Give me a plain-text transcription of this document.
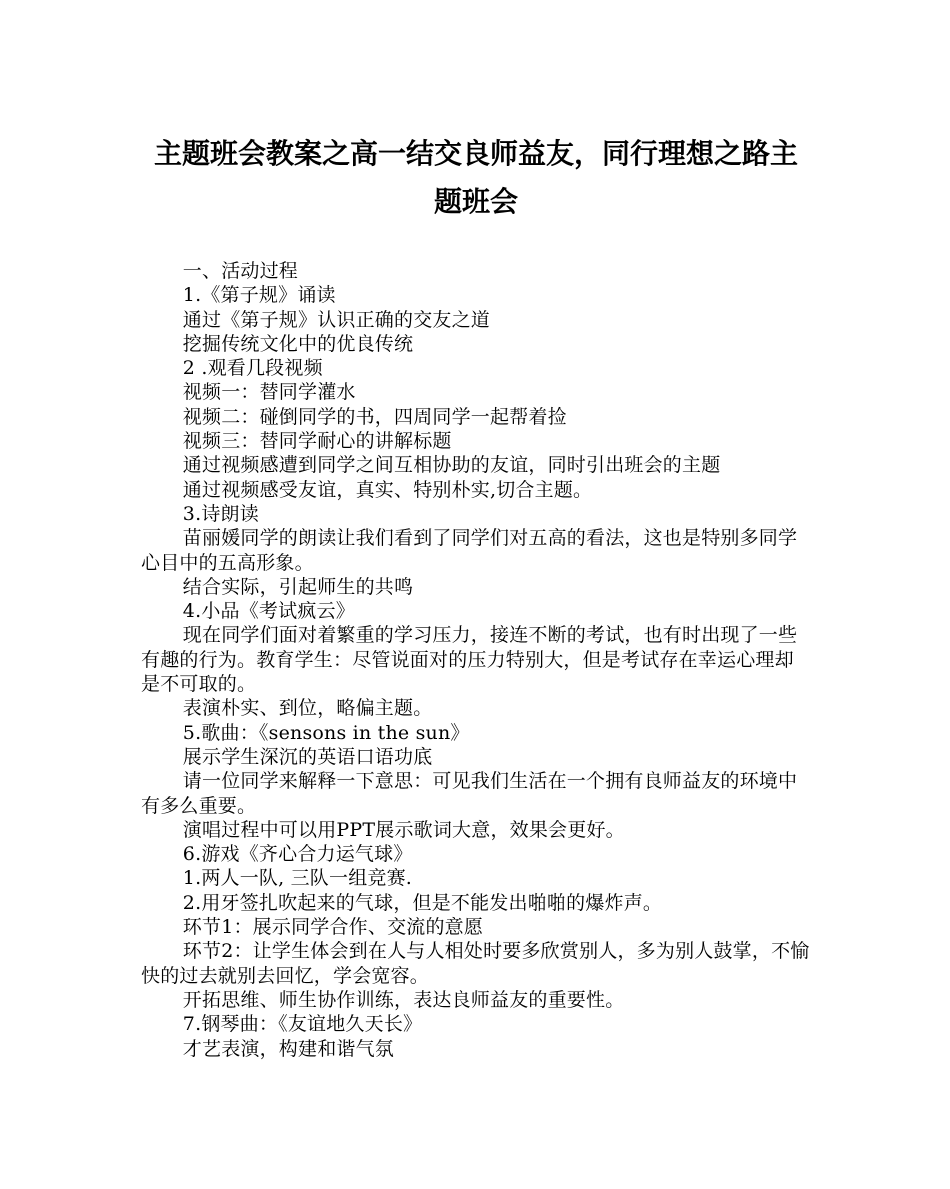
主题班会教案之高一结交良师益友，同行理想之路主题班会

一、活动过程

1.《第子规》诵读

通过《第子规》认识正确的交友之道

挖掘传统文化中的优良传统

2 .观看几段视频

视频一：替同学灌水

视频二：碰倒同学的书，四周同学一起帮着捡

视频三：替同学耐心的讲解标题

通过视频感遭到同学之间互相协助的友谊，同时引出班会的主题

通过视频感受友谊，真实、特别朴实,切合主题。

3.诗朗读

苗丽媛同学的朗读让我们看到了同学们对五高的看法，这也是特别多同学心目中的五高形象。

结合实际，引起师生的共鸣

4.小品《考试疯云》

现在同学们面对着繁重的学习压力，接连不断的考试，也有时出现了一些有趣的行为。教育学生：尽管说面对的压力特别大，但是考试存在幸运心理却是不可取的。

表演朴实、到位，略偏主题。

5.歌曲：《sensons in the sun》

展示学生深沉的英语口语功底

请一位同学来解释一下意思：可见我们生活在一个拥有良师益友的环境中有多么重要。

演唱过程中可以用PPT展示歌词大意，效果会更好。

6.游戏《齐心合力运气球》

1.两人一队, 三队一组竞赛.

2.用牙签扎吹起来的气球，但是不能发出啪啪的爆炸声。

环节1：展示同学合作、交流的意愿

环节2：让学生体会到在人与人相处时要多欣赏别人，多为别人鼓掌，不愉快的过去就别去回忆，学会宽容。

开拓思维、师生协作训练，表达良师益友的重要性。

7.钢琴曲：《友谊地久天长》

才艺表演，构建和谐气氛
